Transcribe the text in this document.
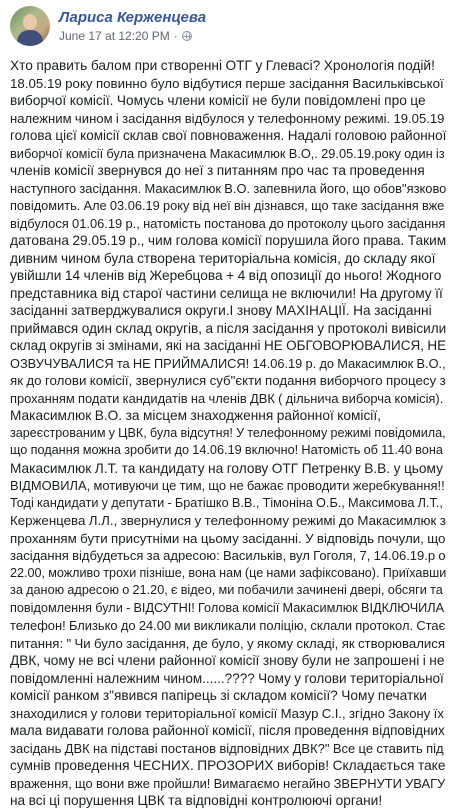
Лариса Керженцева
June 17 at 12:20 PM ·
Хто править балом при створенні ОТГ у Глевасі? Хронологія подій!
18.05.19 року повинно було відбутися перше засідання Васильківської
виборчої комісії. Чомусь члени комісії не були повідомлені про це
належним чином і засідання відбулося у телефонному режимі. 19.05.19
голова цієї комісії склав свої повноваження. Надалі головою районної
виборчої комісії була призначена Макасимлюк В.О,. 29.05.19.року один із
членів комісії звернувся до неї з питанням про час та проведення
наступного засідання. Макасимлюк В.О. запевнила його, що обов"язково
повідомить. Але 03.06.19 року від неї він дізнався, що таке засідання вже
відбулося 01.06.19 р., натомість постанова до протоколу цього засідання
датована 29.05.19 р., чим голова комісії порушила його права. Таким
дивним чином була створена територіальна комісія, до складу якої
увійшли 14 членів від Жеребцова + 4 від опозиції до нього! Жодного
представника від старої частини селища не включили! На другому її
засіданні затверджувалися округи.І знову МАХІНАЦІЇ. На засіданні
приймався один склад округів, а після засідання у протоколі вивісили
склад округів зі змінами, які на засіданні НЕ ОБГОВОРЮВАЛИСЯ, НЕ
ОЗВУЧУВАЛИСЯ та НЕ ПРИЙМАЛИСЯ! 14.06.19 р. до Макасимлюк В.О.,
як до голови комісії, звернулися суб"єкти подання виборчого процесу з
проханням подати кандидатів на членів ДВК ( дільнича виборча комісія).
Макасимлюк В.О. за місцем знаходження районної комісії,
зареєстрованим у ЦВК, була відсутня! У телефонному режимі повідомила,
що подання можна зробити до 14.06.19 включно! Натомість об 11.40 вона
Макасимлюк Л.Т. та кандидату на голову ОТГ Петренку В.В. у цьому
ВІДМОВИЛА, мотивуючи це тим, що не бажає проводити жеребкування!!
Тоді кандидати у депутати - Братішко В.В., Тімоніна О.Б., Максимова Л.Т.,
Керженцева Л.Л., звернулися у телефонному режимі до Макасимлюк з
проханням бути присутніми на цьому засіданні. У відповідь почули, що
засідання відбудеться за адресою: Васильків, вул Гоголя, 7, 14.06.19.р о
22.00, можливо трохи пізніше, вона нам (це нами зафіксовано). Приїхавши
за даною адресою о 21.20, є відео, ми побачили зачинені двері, обсяги та
повідомлення були - ВІДСУТНІ! Голова комісії Макасимлюк ВІДКЛЮЧИЛА
телефон! Близько до 24.00 ми викликали поліцію, склали протокол. Стає
питання: " Чи було засідання, де було, у якому складі, як створювалися
ДВК, чому не всі члени районної комісії знову були не запрошені і не
повідомленні належним чином......???? Чому у голови територіальної
комісії ранком з"явився папірець зі складом комісії? Чому печатки
знаходилися у голови територіальної комісії Мазур С.І., згідно Закону їх
мала видавати голова районної комісії, після проведення відповідних
засідань ДВК на підставі постанов відповідних ДВК?" Все це ставить під
сумнів проведення ЧЕСНИХ. ПРОЗОРИХ виборів! Складається таке
враження, що вони вже пройшли! Вимагаємо негайно ЗВЕРНУТИ УВАГУ
на всі ці порушення ЦВК та відповідні контролюючі органи!
